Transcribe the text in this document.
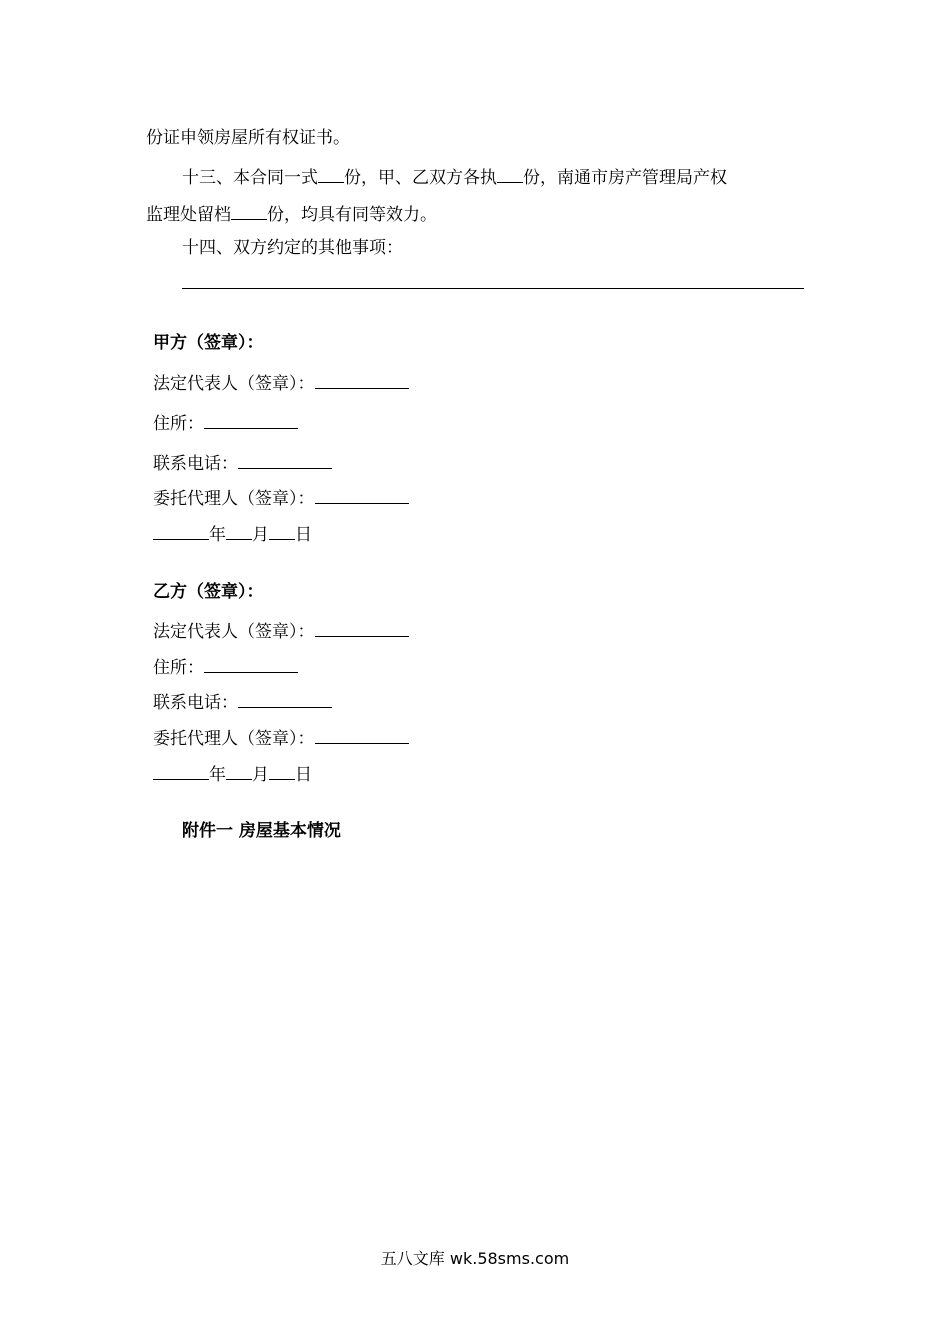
份证申领房屋所有权证书。
十三、本合同一式 份，甲、乙双方各执 份，南通市房产管理局产权
监理处留档 份，均具有同等效力。
十四、双方约定的其他事项：
甲方（签章）：
法定代表人（签章）：
住所：
联系电话：
委托代理人（签章）：
年 月 日
乙方（签章）：
法定代表人（签章）：
住所：
联系电话：
委托代理人（签章）：
年 月 日
附件一 房屋基本情况
五八文库 wk.58sms.com
